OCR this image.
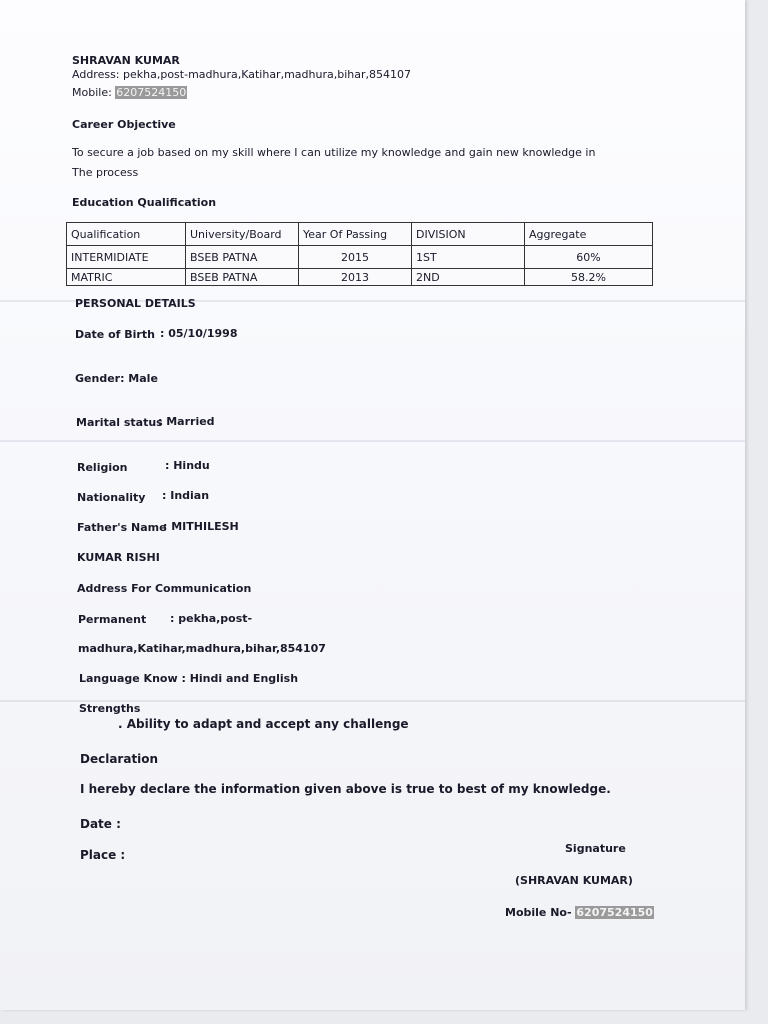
SHRAVAN KUMAR
Address: pekha,post-madhura,Katihar,madhura,bihar,854107
Mobile: 6207524150
Career Objective
To secure a job based on my skill where I can utilize my knowledge and gain new knowledge in
The process
Education Qualification
Qualification	University/Board	Year Of Passing	DIVISION	Aggregate
INTERMIDIATE	BSEB PATNA	2015	1ST	60%
MATRIC	BSEB PATNA	2013	2ND	58.2%
PERSONAL DETAILS
Date of Birth : 05/10/1998
Gender: Male
Marital status
: Married
Religion	: Hindu
Nationality : Indian
Father's Name
: MITHILESH
KUMAR RISHI
Address For Communication
Permanent : pekha,post-
madhura,Katihar,madhura,bihar,854107
Language Know : Hindi and English
Strengths
. Ability to adapt and accept any challenge
Declaration
I hereby declare the information given above is true to best of my knowledge.
Date :
Place :	Signature
(SHRAVAN KUMAR)
Mobile No- 6207524150
